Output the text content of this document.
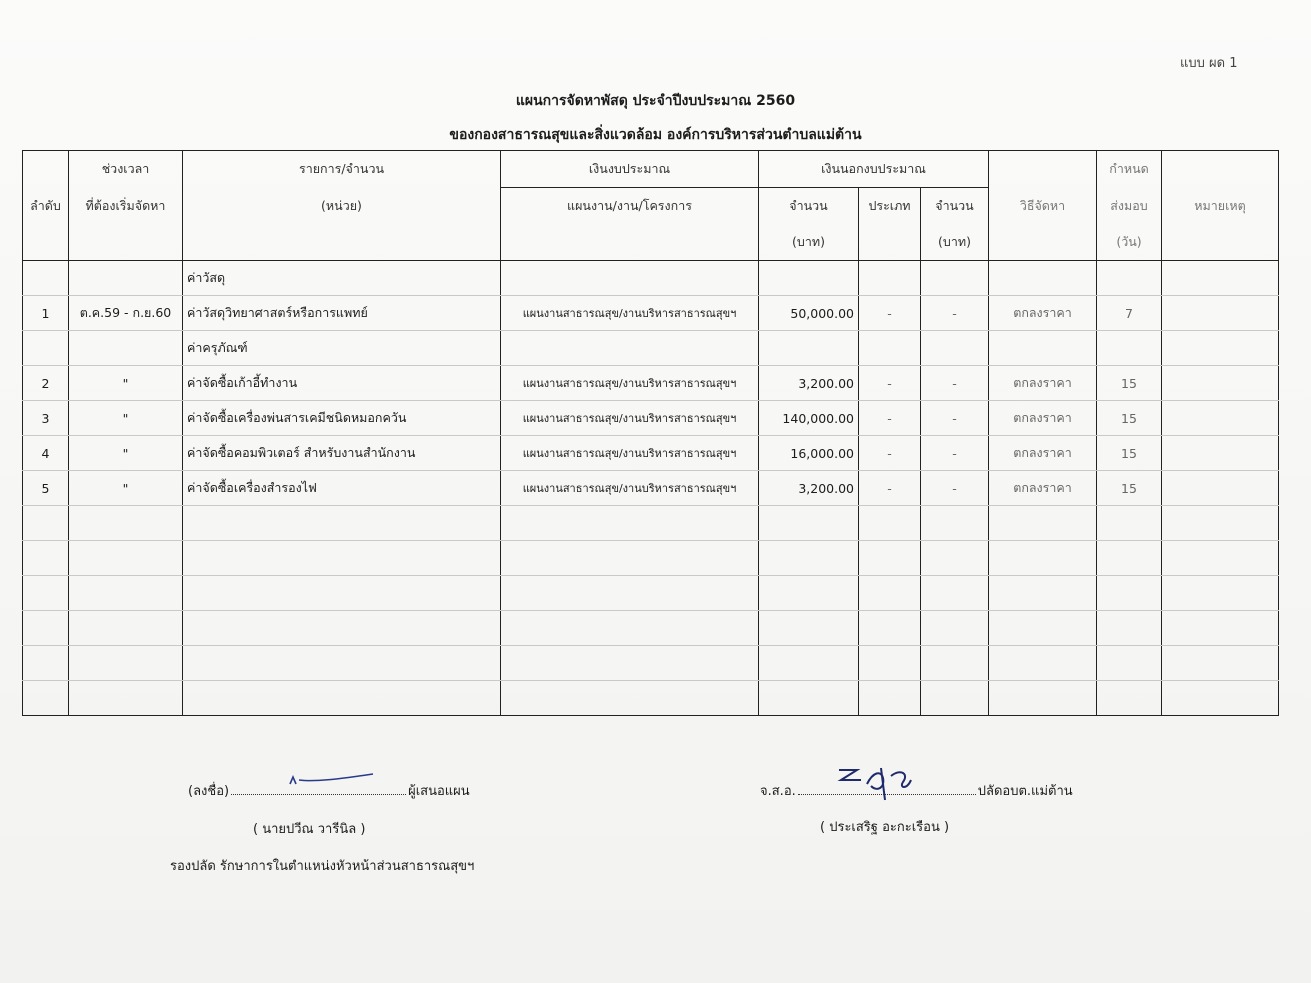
แบบ ผด 1
แผนการจัดหาพัสดุ ประจำปีงบประมาณ 2560
ของกองสาธารณสุขและสิ่งแวดล้อม องค์การบริหารส่วนตำบลแม่ต้าน
	ช่วงเวลา	รายการ/จำนวน	เงินงบประมาณ	เงินนอกงบประมาณ				กำหนด	
ลำดับ	ที่ต้องเริ่มจัดหา	(หน่วย)	แผนงาน/งาน/โครงการ	จำนวน	ประเภท	จำนวน	วิธีจัดหา	ส่งมอบ	หมายเหตุ
				(บาท)		(บาท)		(วัน)	
		ค่าวัสดุ							
1	ต.ค.59 - ก.ย.60	ค่าวัสดุวิทยาศาสตร์หรือการแพทย์	แผนงานสาธารณสุข/งานบริหารสาธารณสุขฯ	50,000.00	-	-	ตกลงราคา	7	
		ค่าครุภัณฑ์							
2	"	ค่าจัดซื้อเก้าอี้ทำงาน	แผนงานสาธารณสุข/งานบริหารสาธารณสุขฯ	3,200.00	-	-	ตกลงราคา	15	
3	"	ค่าจัดซื้อเครื่องพ่นสารเคมีชนิดหมอกควัน	แผนงานสาธารณสุข/งานบริหารสาธารณสุขฯ	140,000.00	-	-	ตกลงราคา	15	
4	"	ค่าจัดซื้อคอมพิวเตอร์ สำหรับงานสำนักงาน	แผนงานสาธารณสุข/งานบริหารสาธารณสุขฯ	16,000.00	-	-	ตกลงราคา	15	
5	"	ค่าจัดซื้อเครื่องสำรองไฟ	แผนงานสาธารณสุข/งานบริหารสาธารณสุขฯ	3,200.00	-	-	ตกลงราคา	15	

(ลงชื่อ)	ผู้เสนอแผน
( นายปวีณ วารีนิล )
รองปลัด รักษาการในตำแหน่งหัวหน้าส่วนสาธารณสุขฯ
จ.ส.อ.	ปลัดอบต.แม่ต้าน
( ประเสริฐ อะกะเรือน )
